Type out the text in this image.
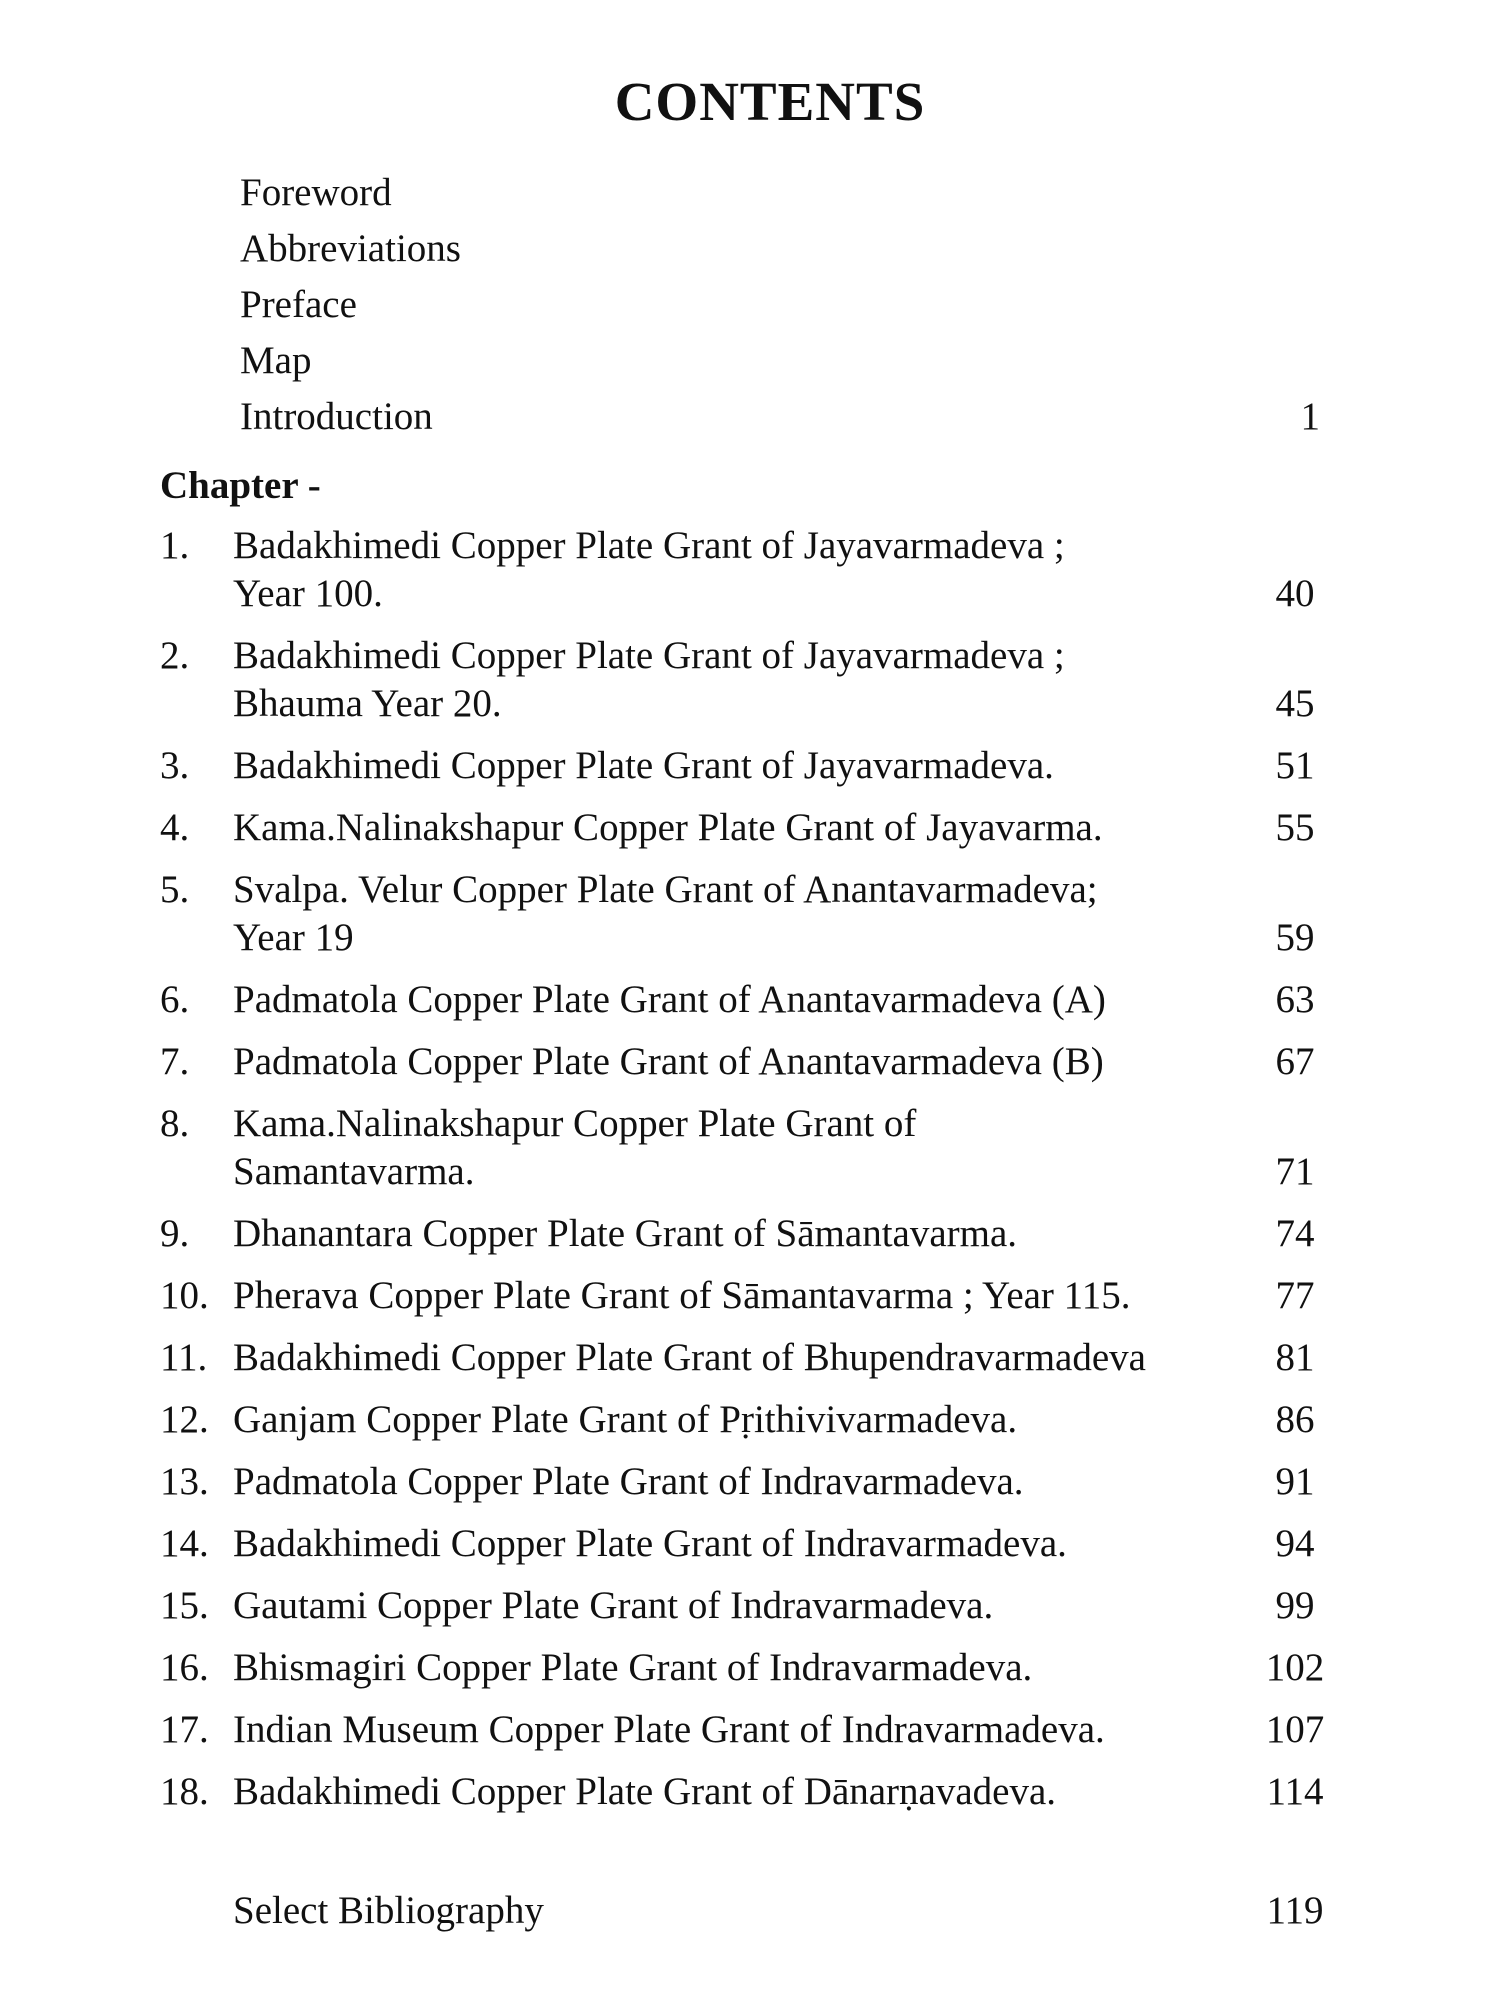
CONTENTS
Foreword
Abbreviations
Preface
Map
Introduction	1
Chapter -
1. Badakhimedi Copper Plate Grant of Jayavarmadeva ;
Year 100.	40
2. Badakhimedi Copper Plate Grant of Jayavarmadeva ;
Bhauma Year 20.	45
3. Badakhimedi Copper Plate Grant of Jayavarmadeva.	51
4. Kama.Nalinakshapur Copper Plate Grant of Jayavarma.	55
5. Svalpa. Velur Copper Plate Grant of Anantavarmadeva;
Year 19	59
6. Padmatola Copper Plate Grant of Anantavarmadeva (A)	63
7. Padmatola Copper Plate Grant of Anantavarmadeva (B)	67
8. Kama.Nalinakshapur Copper Plate Grant of
Samantavarma.	71
9. Dhanantara Copper Plate Grant of Sāmantavarma.	74
10. Pherava Copper Plate Grant of Sāmantavarma ; Year 115.	77
11. Badakhimedi Copper Plate Grant of Bhupendravarmadeva	81
12. Ganjam Copper Plate Grant of Pṛithivivarmadeva.	86
13. Padmatola Copper Plate Grant of Indravarmadeva.	91
14. Badakhimedi Copper Plate Grant of Indravarmadeva.	94
15. Gautami Copper Plate Grant of Indravarmadeva.	99
16. Bhismagiri Copper Plate Grant of Indravarmadeva.	102
17. Indian Museum Copper Plate Grant of Indravarmadeva.	107
18. Badakhimedi Copper Plate Grant of Dānarṇavadeva.	114
Select Bibliography	119
